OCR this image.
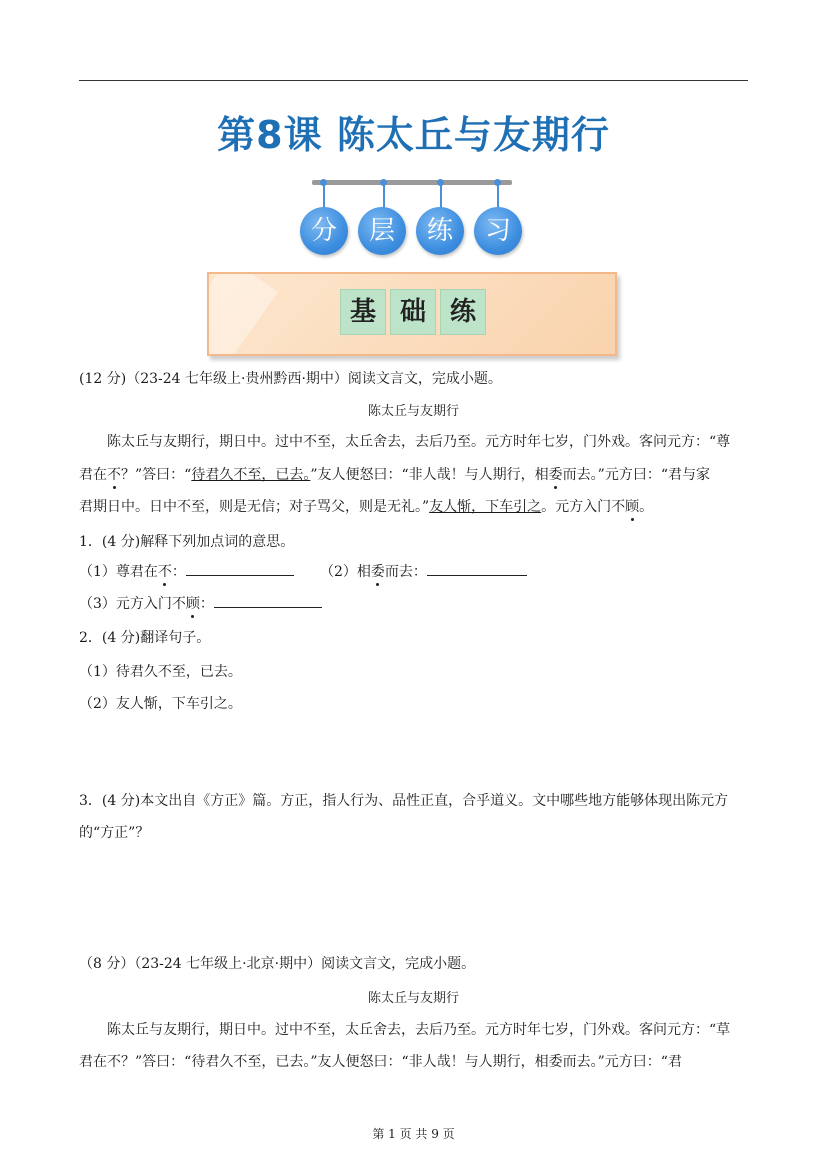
第8课 陈太丘与友期行
分	层	练	习
基 础 练

(12 分)（23-24 七年级上·贵州黔西·期中）阅读文言文，完成小题。

陈太丘与友期行

陈太丘与友期行，期日中。过中不至，太丘舍去，去后乃至。元方时年七岁，门外戏。客问元方：“尊

君在不？”答曰：“待君久不至，已去。”友人便怒曰：“非人哉！与人期行，相委而去。”元方曰：“君与家

君期日中。日中不至，则是无信；对子骂父，则是无礼。”友人惭，下车引之。元方入门不顾。

1．(4 分)解释下列加点词的意思。

（1）尊君在不：	（2）相委而去：

（3）元方入门不顾：

2．(4 分)翻译句子。

（1）待君久不至，已去。

（2）友人惭，下车引之。

3．(4 分)本文出自《方正》篇。方正，指人行为、品性正直，合乎道义。文中哪些地方能够体现出陈元方

的“方正”？

（8 分）（23-24 七年级上·北京·期中）阅读文言文，完成小题。

陈太丘与友期行

陈太丘与友期行，期日中。过中不至，太丘舍去，去后乃至。元方时年七岁，门外戏。客问元方：“草

君在不？”答曰：“待君久不至，已去。”友人便怒曰：“非人哉！与人期行，相委而去。”元方曰：“君

第 1 页 共 9 页
